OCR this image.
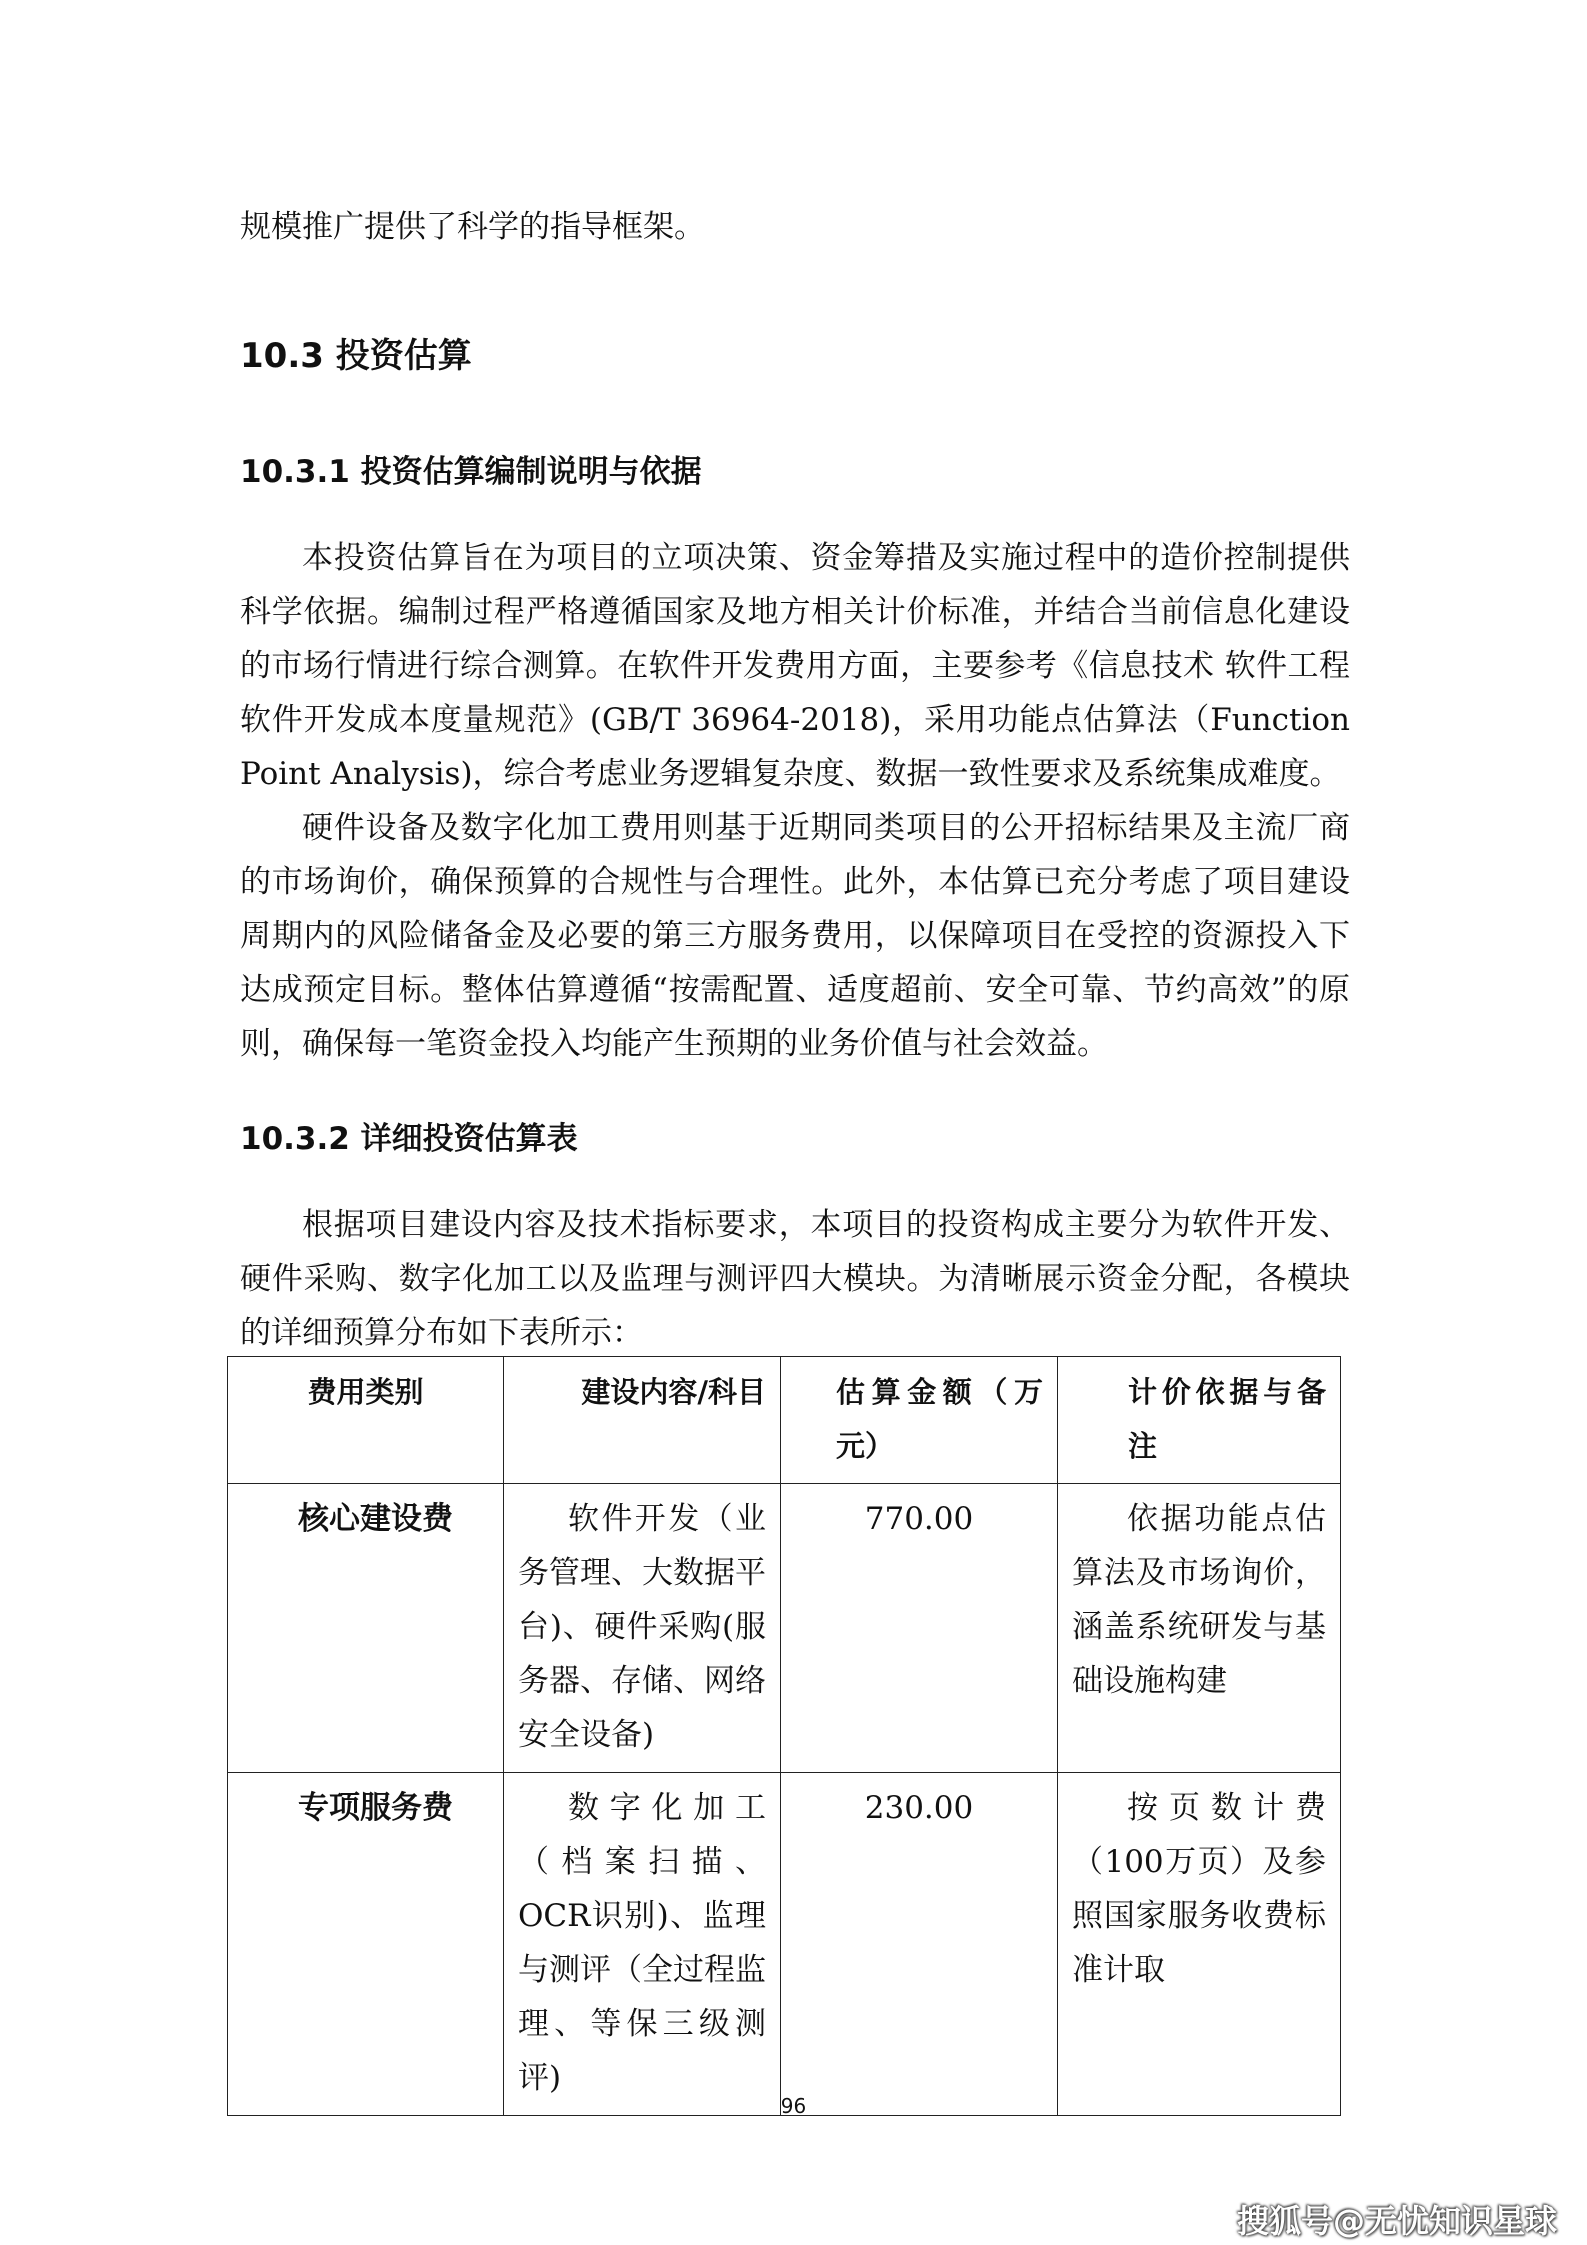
规模推广提供了科学的指导框架。

10.3 投资估算
10.3.1 投资估算编制说明与依据

本投资估算旨在为项目的立项决策、资金筹措及实施过程中的造价控制提供科学依据。编制过程严格遵循国家及地方相关计价标准，并结合当前信息化建设的市场行情进行综合测算。在软件开发费用方面，主要参考《信息技术 软件工程 软件开发成本度量规范》(GB/T 36964-2018)，采用功能点估算法（Function Point Analysis)，综合考虑业务逻辑复杂度、数据一致性要求及系统集成难度。

硬件设备及数字化加工费用则基于近期同类项目的公开招标结果及主流厂商的市场询价，确保预算的合规性与合理性。此外，本估算已充分考虑了项目建设周期内的风险储备金及必要的第三方服务费用，以保障项目在受控的资源投入下达成预定目标。整体估算遵循“按需配置、适度超前、安全可靠、节约高效”的原则，确保每一笔资金投入均能产生预期的业务价值与社会效益。

10.3.2 详细投资估算表

根据项目建设内容及技术指标要求，本项目的投资构成主要分为软件开发、硬件采购、数字化加工以及监理与测评四大模块。为清晰展示资金分配，各模块的详细预算分布如下表所示：

费用类别	建设内容/科目	估算金额（万元）	计价依据与备注
核心建设费	软件开发（业务管理、大数据平台)、硬件采购(服务器、存储、网络安全设备)	770.00	依据功能点估算法及市场询价，涵盖系统研发与基础设施构建
专项服务费	数字化加工（档案扫描、OCR识别)、监理与测评（全过程监理、等保三级测评)	230.00	按页数计费（100万页）及参照国家服务收费标准计取
96
搜狐号@无忧知识星球
